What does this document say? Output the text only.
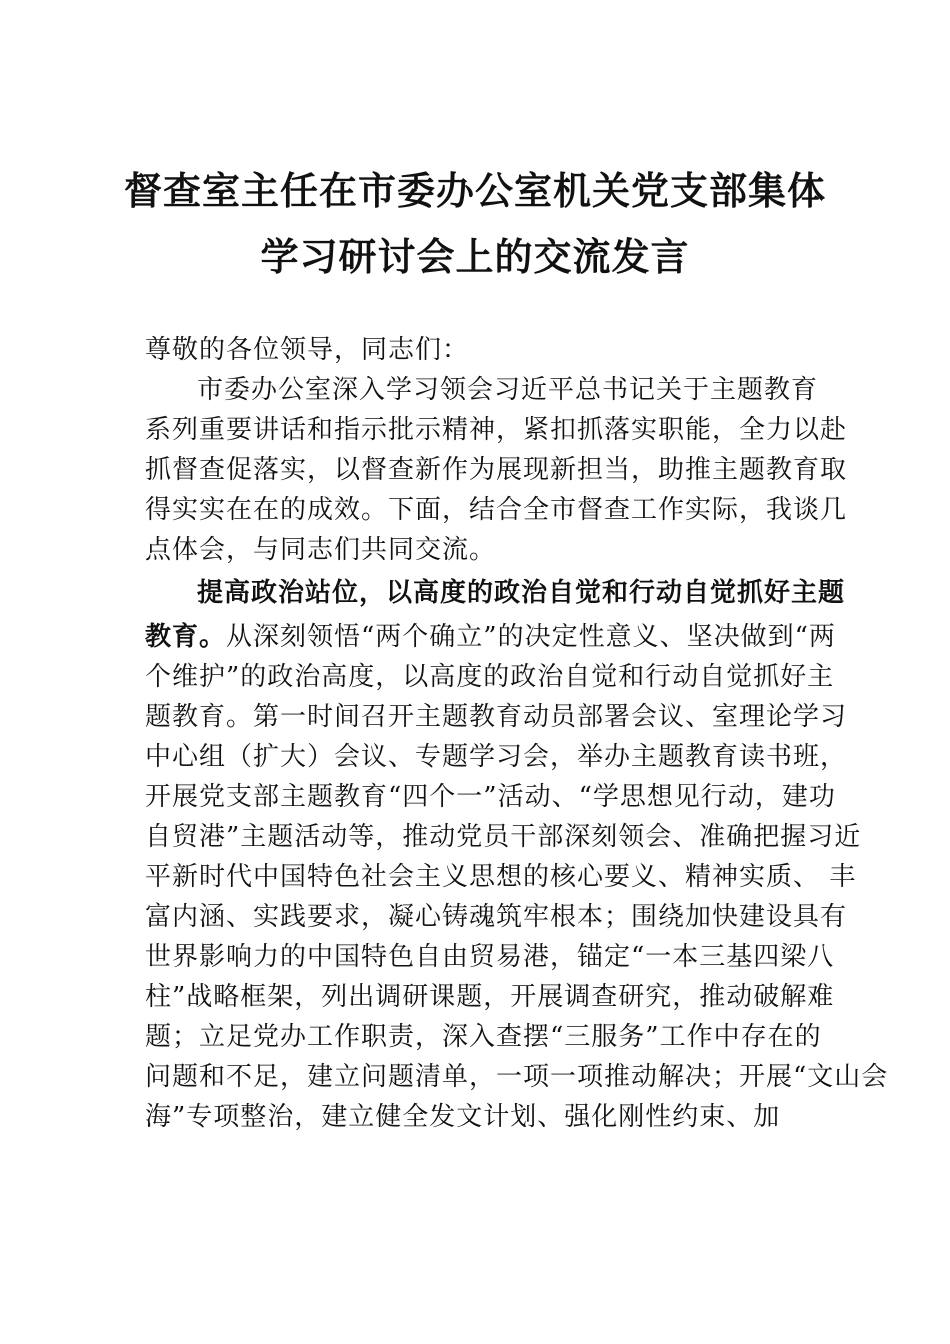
督查室主任在市委办公室机关党支部集体
学习研讨会上的交流发言
尊敬的各位领导，同志们：
市委办公室深入学习领会习近平总书记关于主题教育
系列重要讲话和指示批示精神，紧扣抓落实职能，全力以赴
抓督查促落实，以督查新作为展现新担当，助推主题教育取
得实实在在的成效。下面，结合全市督查工作实际，我谈几
点体会，与同志们共同交流。
提高政治站位，以高度的政治自觉和行动自觉抓好主题
教育。从深刻领悟“两个确立”的决定性意义、坚决做到“两
个维护”的政治高度，以高度的政治自觉和行动自觉抓好主
题教育。第一时间召开主题教育动员部署会议、室理论学习
中心组（扩大）会议、专题学习会，举办主题教育读书班，
开展党支部主题教育“四个一”活动、“学思想见行动，建功
自贸港”主题活动等，推动党员干部深刻领会、准确把握习近
平新时代中国特色社会主义思想的核心要义、精神实质、 丰
富内涵、实践要求，凝心铸魂筑牢根本；围绕加快建设具有
世界影响力的中国特色自由贸易港，锚定“一本三基四梁八
柱”战略框架，列出调研课题，开展调查研究，推动破解难
题；立足党办工作职责，深入查摆“三服务”工作中存在的
问题和不足，建立问题清单，一项一项推动解决；开展“文山会
海”专项整治，建立健全发文计划、强化刚性约束、加
